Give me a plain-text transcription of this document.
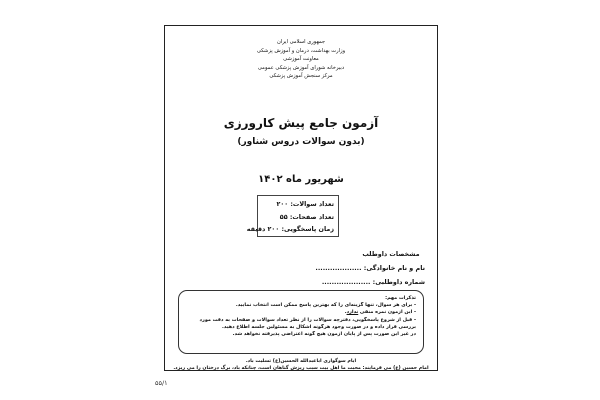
جمهوری اسلامی ایران
وزارت بهداشت، درمان و آموزش پزشکی
معاونت آموزشی
دبیرخانه شورای آموزش پزشکی عمومی
مرکز سنجش آموزش پزشکی
آزمون جامع پیش کارورزی
(بدون سوالات دروس شناور)
شهریور ماه ۱۴۰۲
تعداد سوالات: ۲۰۰
تعداد صفحات: ۵۵
زمان پاسخگویی: ۲۰۰ دقیقه
مشخصات داوطلب
نام و نام خانوادگی: ...................
شماره داوطلبی: ....................
تذکرات مهم:
- برای هر سوال، تنها گزینه‌ای را که بهترین پاسخ ممکن است انتخاب نمایید.
- این آزمون نمره منفی ندارد.
- قبل از شروع پاسخگویی، دفترچه سوالات را از نظر تعداد سوالات و صفحات به دقت مورد
بررسی قرار داده و در صورت وجود هرگونه اشکال به مسئولین جلسه اطلاع دهید.
در غیر این صورت پس از پایان آزمون هیچ گونه اعتراضی پذیرفته نخواهد شد.
ایام سوگواری اباعبدالله الحسین(ع) تسلیت باد.
امام حسین (ع) می فرمایند: محبت ما اهل بیت سبب ریزش گناهان است، چنانکه باد، برگ درختان را می ریزد.
۵۵/۱
